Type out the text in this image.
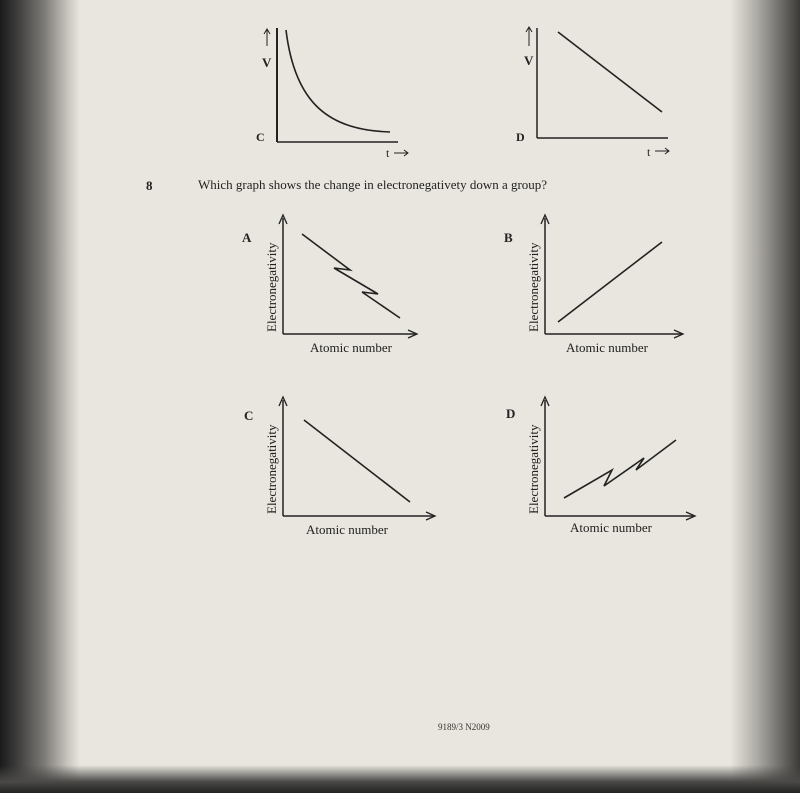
V
C
t
V
D
t
8	Which graph shows the change in electronegativety down a group?
A
Electronegativity
Atomic number
B
Electronegativity
Atomic number
C
Electronegativity
Atomic number
D
Electronegativity
Atomic number
9189/3 N2009
